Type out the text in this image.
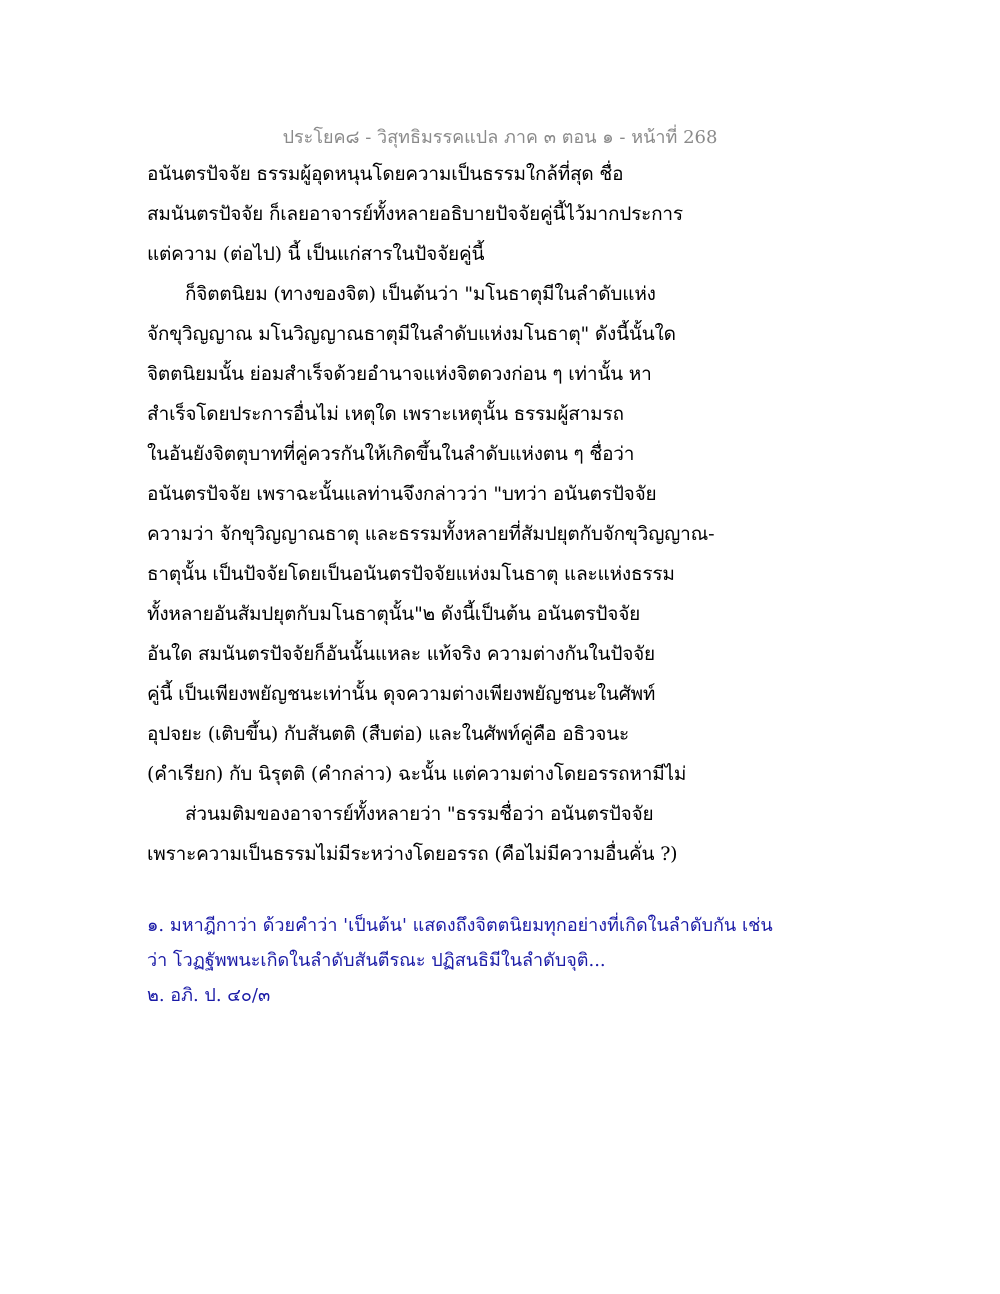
ประโยค๘ - วิสุทธิมรรคแปล ภาค ๓ ตอน ๑ - หน้าที่ 268
อนันตรปัจจัย ธรรมผู้อุดหนุนโดยความเป็นธรรมใกล้ที่สุด ชื่อ
สมนันตรปัจจัย ก็เลยอาจารย์ทั้งหลายอธิบายปัจจัยคู่นี้ไว้มากประการ
แต่ความ (ต่อไป) นี้ เป็นแก่สารในปัจจัยคู่นี้
ก็จิตตนิยม (ทางของจิต) เป็นต้นว่า "มโนธาตุมีในลำดับแห่ง
จักขุวิญญาณ มโนวิญญาณธาตุมีในลำดับแห่งมโนธาตุ" ดังนี้นั้นใด
จิตตนิยมนั้น ย่อมสำเร็จด้วยอำนาจแห่งจิตดวงก่อน ๆ เท่านั้น หา
สำเร็จโดยประการอื่นไม่ เหตุใด เพราะเหตุนั้น ธรรมผู้สามรถ
ในอันยังจิตตุบาทที่คู่ควรกันให้เกิดขึ้นในลำดับแห่งตน ๆ ชื่อว่า
อนันตรปัจจัย เพราฉะนั้นแลท่านจึงกล่าวว่า "บทว่า อนันตรปัจจัย
ความว่า จักขุวิญญาณธาตุ และธรรมทั้งหลายที่สัมปยุตกับจักขุวิญญาณ-
ธาตุนั้น เป็นปัจจัยโดยเป็นอนันตรปัจจัยแห่งมโนธาตุ และแห่งธรรม
ทั้งหลายอันสัมปยุตกับมโนธาตุนั้น"๒ ดังนี้เป็นต้น อนันตรปัจจัย
อันใด สมนันตรปัจจัยก็อันนั้นแหละ แท้จริง ความต่างกันในปัจจัย
คู่นี้ เป็นเพียงพยัญชนะเท่านั้น ดุจความต่างเพียงพยัญชนะในศัพท์
อุปจยะ (เติบขึ้น) กับสันตติ (สืบต่อ) และในศัพท์คู่คือ อธิวจนะ
(คำเรียก) กับ นิรุตติ (คำกล่าว) ฉะนั้น แต่ความต่างโดยอรรถหามีไม่
ส่วนมติมของอาจารย์ทั้งหลายว่า "ธรรมชื่อว่า อนันตรปัจจัย
เพราะความเป็นธรรมไม่มีระหว่างโดยอรรถ (คือไม่มีความอื่นคั่น ?)
๑. มหาฎีกาว่า ด้วยคำว่า 'เป็นต้น' แสดงถึงจิตตนิยมทุกอย่างที่เกิดในลำดับกัน เช่น
ว่า โวฏฐัพพนะเกิดในลำดับสันตีรณะ ปฏิสนธิมีในลำดับจุติ...
๒. อภิ. ป. ๔๐/๓
